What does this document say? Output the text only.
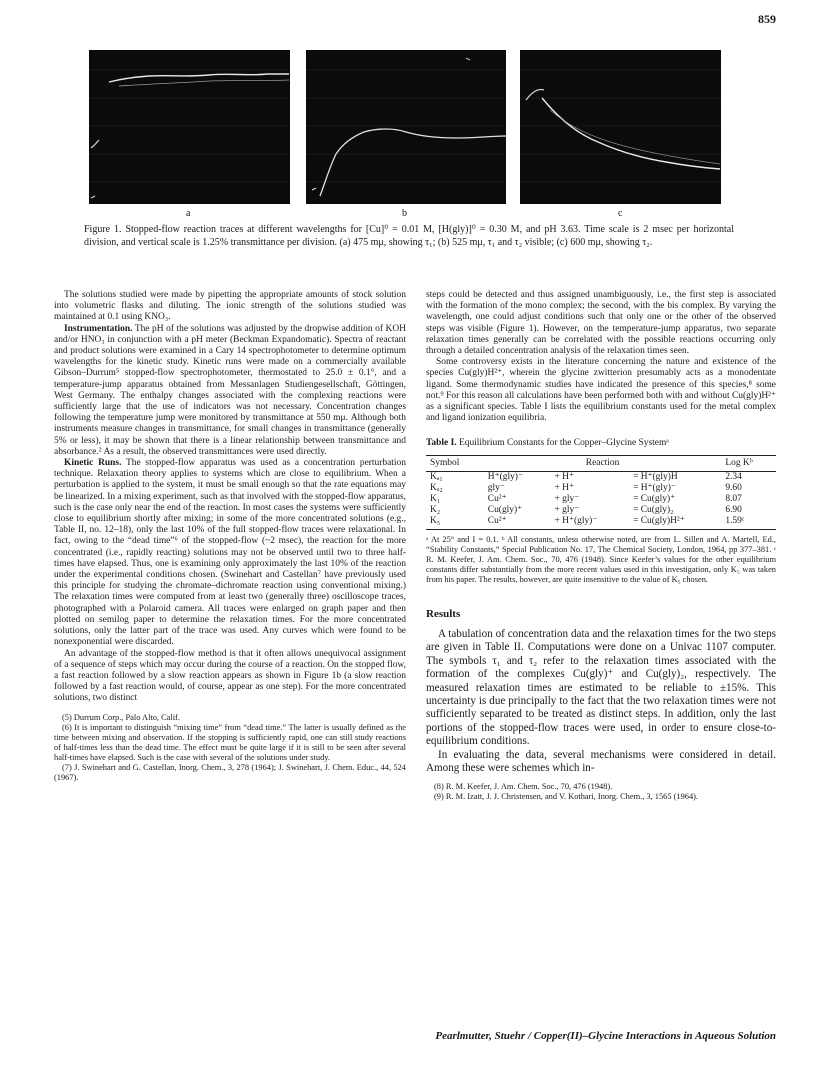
859
a	b	c
Figure 1. Stopped-flow reaction traces at different wavelengths for [Cu]⁰ = 0.01 M, [H(gly)]⁰ = 0.30 M, and pH 3.63. Time scale is 2 msec per horizontal division, and vertical scale is 1.25% transmittance per division. (a) 475 mμ, showing τ₁; (b) 525 mμ, τ₁ and τ₂ visible; (c) 600 mμ, showing τ₂.

The solutions studied were made by pipetting the appropriate amounts of stock solution into volumetric flasks and diluting. The ionic strength of the solutions studied was maintained at 0.1 using KNO₃.

Instrumentation. The pH of the solutions was adjusted by the dropwise addition of KOH and/or HNO₃ in conjunction with a pH meter (Beckman Expandomatic). Spectra of reactant and product solutions were examined in a Cary 14 spectrophotometer to determine optimum wavelengths for the kinetic study. Kinetic runs were made on a commercially available Gibson–Durrum⁵ stopped-flow spectrophotometer, thermostated to 25.0 ± 0.1°, and a temperature-jump apparatus obtained from Messanlagen Studiengesellschaft, Göttingen, West Germany. The enthalpy changes associated with the complexing reactions were sufficiently large that the use of indicators was not necessary. Concentration changes following the temperature jump were monitored by transmittance at 550 mμ. Although both instruments measure changes in transmittance, for small changes in transmittance (generally 5% or less), it may be shown that there is a linear relationship between transmittance and absorbance.² As a result, the observed transmittances were used directly.

Kinetic Runs. The stopped-flow apparatus was used as a concentration perturbation technique. Relaxation theory applies to systems which are close to equilibrium. When a perturbation is applied to the system, it must be small enough so that the rate equations may be linearized. In a mixing experiment, such as that involved with the stopped-flow apparatus, such is the case only near the end of the reaction. In most cases the systems were sufficiently close to equilibrium shortly after mixing; in some of the more concentrated solutions (e.g., Table II, no. 12–18), only the last 10% of the full stopped-flow traces were relaxational. In fact, owing to the “dead time”⁶ of the stopped-flow (~2 msec), the reaction for the more concentrated (i.e., rapidly reacting) solutions may not be observed until two to three half-times have elapsed. Thus, one is examining only approximately the last 10% of the reaction under the experimental conditions chosen. (Swinehart and Castellan⁷ have previously used this principle for studying the chromate–dichromate reaction using conventional mixing.) The relaxation times were computed from at least two (generally three) oscilloscope traces, photographed with a Polaroid camera. All traces were enlarged on graph paper and then plotted on semilog paper to determine the relaxation times. For the more concentrated solutions, only the latter part of the trace was used. Any curves which were found to be nonexponential were discarded.

An advantage of the stopped-flow method is that it often allows unequivocal assignment of a sequence of steps which may occur during the course of a reaction. On the stopped flow, a fast reaction followed by a slow reaction appears as shown in Figure 1b (a slow reaction followed by a fast reaction would, of course, appear as one step). For the more concentrated solutions, two distinct

(5) Durrum Corp., Palo Alto, Calif.

(6) It is important to distinguish “mixing time” from “dead time.” The latter is usually defined as the time between mixing and observation. If the stopping is sufficiently rapid, one can still study reactions of half-times less than the dead time. The effect must be quite large if it is still to be seen after several half-times have elapsed. Such is the case with several of the solutions under study.

(7) J. Swinehart and G. Castellan, Inorg. Chem., 3, 278 (1964); J. Swinehart, J. Chem. Educ., 44, 524 (1967).

steps could be detected and thus assigned unambiguously, i.e., the first step is associated with the formation of the mono complex; the second, with the bis complex. By varying the wavelength, one could adjust conditions such that only one or the other of the observed steps was visible (Figure 1). However, on the temperature-jump apparatus, two separate relaxation times generally can be correlated with the possible reactions occurring only through a detailed concentration analysis of the relaxation times seen.

Some controversy exists in the literature concerning the nature and existence of the species Cu(gly)H²⁺, wherein the glycine zwitterion presumably acts as a monodentate ligand. Some thermodynamic studies have indicated the presence of this species,⁸ some not.⁹ For this reason all calculations have been performed both with and without Cu(gly)H²⁺ as a significant species. Table I lists the equilibrium constants used for the metal complex and ligand ionization equilibria.

Table I. Equilibrium Constants for the Copper–Glycine Systemᵃ
Symbol	Reaction			Log Kᵇ
Kₐ₁	H⁺(gly)⁻	+ H⁺	= H⁺(gly)H	2.34
Kₐ₂	gly⁻	+ H⁺	= H⁺(gly)⁻	9.60
K₁	Cu²⁺	+ gly⁻	= Cu(gly)⁺	8.07
K₂	Cu(gly)⁺	+ gly⁻	= Cu(gly)₂	6.90
K₅	Cu²⁺	+ H⁺(gly)⁻	= Cu(gly)H²⁺	1.59ᶜ
ᵃ At 25° and I = 0.1. ᵇ All constants, unless otherwise noted, are from L. Sillen and A. Martell, Ed., “Stability Constants,” Special Publication No. 17, The Chemical Society, London, 1964, pp 377–381. ᶜ R. M. Keefer, J. Am. Chem. Soc., 70, 476 (1948). Since Keefer’s values for the other equilibrium constants differ substantially from the more recent values used in this investigation, only K₅ was taken from his paper. The results, however, are quite insensitive to the value of K₅ chosen.
Results

A tabulation of concentration data and the relaxation times for the two steps are given in Table II. Computations were done on a Univac 1107 computer. The symbols τ₁ and τ₂ refer to the relaxation times associated with the formation of the complexes Cu(gly)⁺ and Cu(gly)₂, respectively. The measured relaxation times are estimated to be reliable to ±15%. This uncertainty is due principally to the fact that the two relaxation times were not sufficiently separated to be treated as distinct steps. In addition, only the last portions of the stopped-flow traces were used, in order to ensure close-to-equilibrium conditions.

In evaluating the data, several mechanisms were considered in detail. Among these were schemes which in-

(8) R. M. Keefer, J. Am. Chem. Soc., 70, 476 (1948).

(9) R. M. Izatt, J. J. Christensen, and V. Kothari, Inorg. Chem., 3, 1565 (1964).

Pearlmutter, Stuehr / Copper(II)–Glycine Interactions in Aqueous Solution
